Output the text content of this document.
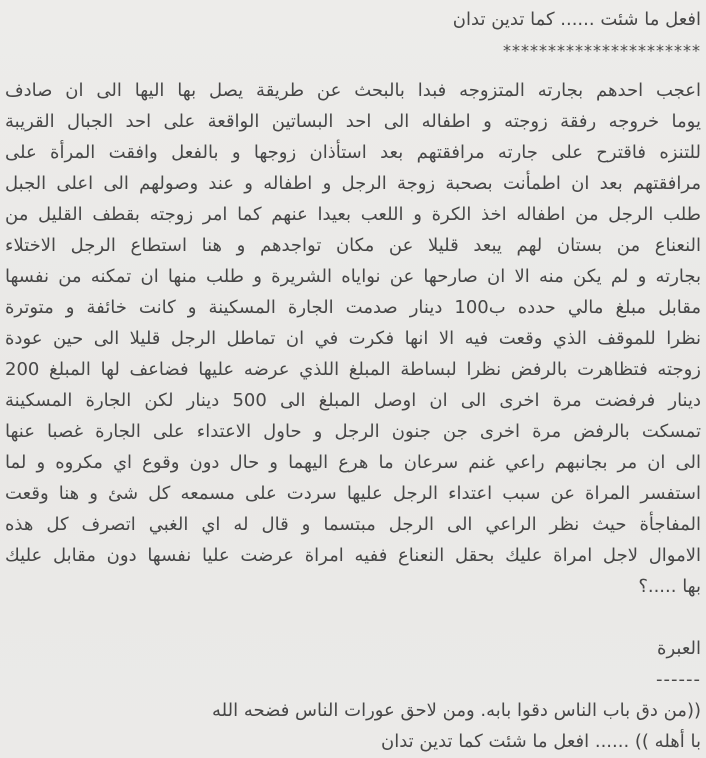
افعل ما شئت ...... كما تدين تدان
**********************
اعجب احدهم بجارته المتزوجه فبدا بالبحث عن طريقة يصل بها اليها الى ان صادف
يوما خروجه رفقة زوجته و اطفاله الى احد البساتين الواقعة على احد الجبال القريبة
للتنزه فاقترح على جارته مرافقتهم بعد استأذان زوجها و بالفعل وافقت المرأة على
مرافقتهم بعد ان اطمأنت بصحبة زوجة الرجل و اطفاله و عند وصولهم الى اعلى الجبل
طلب الرجل من اطفاله اخذ الكرة و اللعب بعيدا عنهم كما امر زوجته بقطف القليل من
النعناع من بستان لهم يبعد قليلا عن مكان تواجدهم و هنا استطاع الرجل الاختلاء
بجارته و لم يكن منه الا ان صارحها عن نواياه الشريرة و طلب منها ان تمكنه من نفسها
مقابل مبلغ مالي حدده ب100 دينار صدمت الجارة المسكينة و كانت خائفة و متوترة
نظرا للموقف الذي وقعت فيه الا انها فكرت في ان تماطل الرجل قليلا الى حين عودة
زوجته فتظاهرت بالرفض نظرا لبساطة المبلغ اللذي عرضه عليها فضاعف لها المبلغ 200
دينار فرفضت مرة اخرى الى ان اوصل المبلغ الى 500 دينار لكن الجارة المسكينة
تمسكت بالرفض مرة اخرى جن جنون الرجل و حاول الاعتداء على الجارة غصبا عنها
الى ان مر بجانبهم راعي غنم سرعان ما هرع اليهما و حال دون وقوع اي مكروه و لما
استفسر المراة عن سبب اعتداء الرجل عليها سردت على مسمعه كل شئ و هنا وقعت
المفاجأة حيث نظر الراعي الى الرجل مبتسما و قال له اي الغبي اتصرف كل هذه
الاموال لاجل امراة عليك بحقل النعناع ففيه امراة عرضت عليا نفسها دون مقابل عليك
بها .....؟
العبرة
------
((من دق باب الناس دقوا بابه. ومن لاحق عورات الناس فضحه الله
با أهله )) ...... افعل ما شئت كما تدين تدان
